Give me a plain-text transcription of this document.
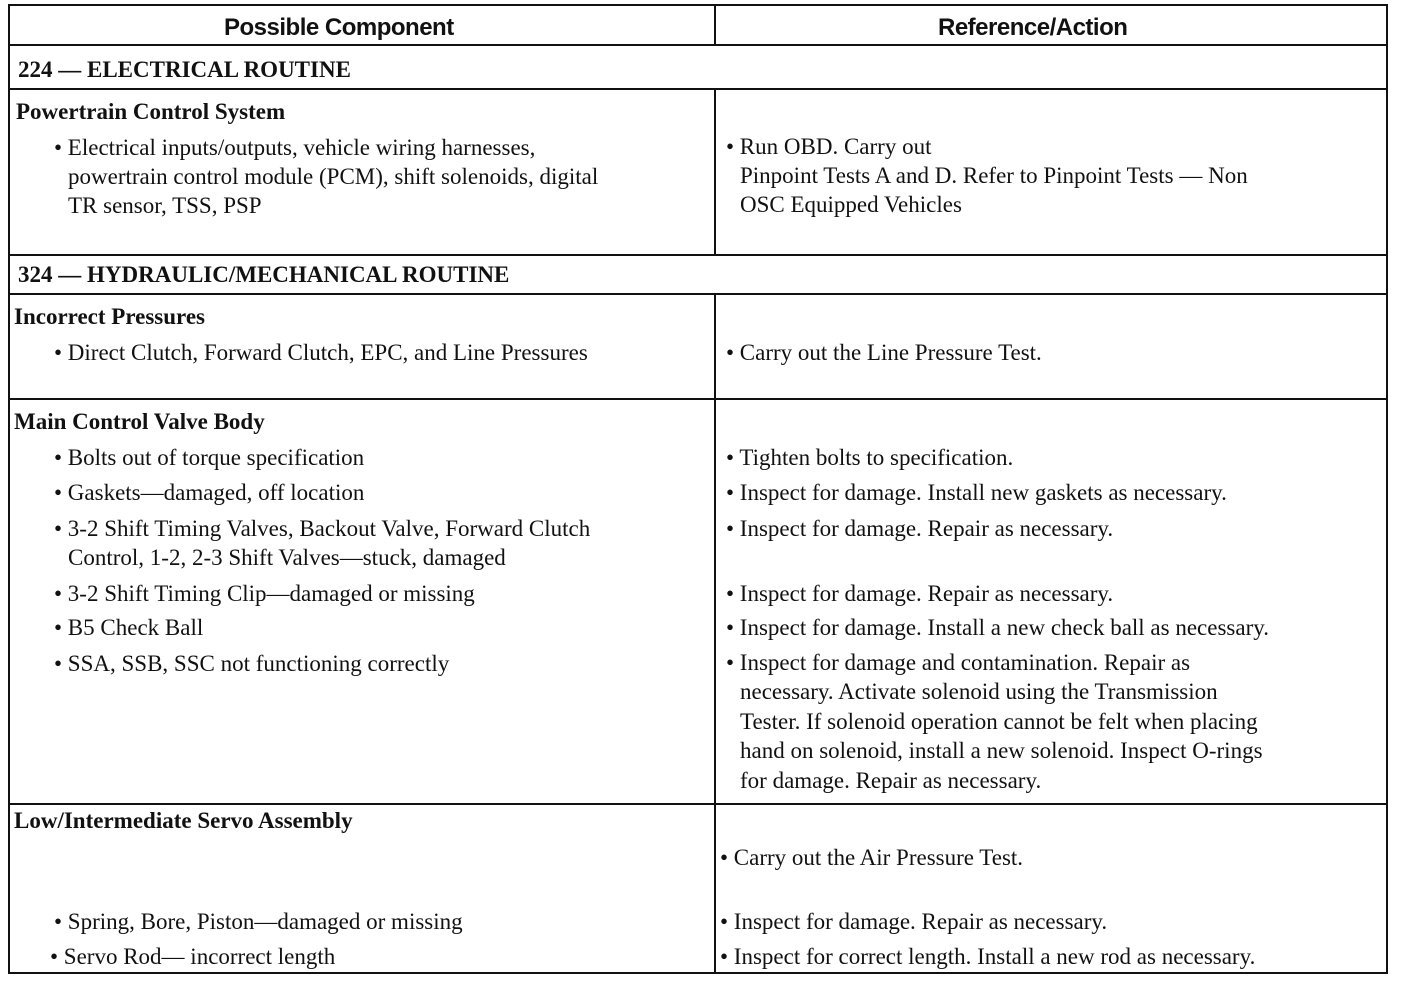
Possible Component	Reference/Action
224 — ELECTRICAL ROUTINE
Powertrain Control System
• Electrical inputs/outputs, vehicle wiring harnesses,
powertrain control module (PCM), shift solenoids, digital
TR sensor, TSS, PSP
• Run OBD. Carry out
Pinpoint Tests A and D. Refer to Pinpoint Tests — Non
OSC Equipped Vehicles
324 — HYDRAULIC/MECHANICAL ROUTINE
Incorrect Pressures
• Direct Clutch, Forward Clutch, EPC, and Line Pressures	• Carry out the Line Pressure Test.
Main Control Valve Body
• Bolts out of torque specification
• Gaskets—damaged, off location
• 3-2 Shift Timing Valves, Backout Valve, Forward Clutch
Control, 1-2, 2-3 Shift Valves—stuck, damaged
• 3-2 Shift Timing Clip—damaged or missing
• B5 Check Ball
• SSA, SSB, SSC not functioning correctly
• Tighten bolts to specification.
• Inspect for damage. Install new gaskets as necessary.
• Inspect for damage. Repair as necessary.
• Inspect for damage. Repair as necessary.
• Inspect for damage. Install a new check ball as necessary.
• Inspect for damage and contamination. Repair as
necessary. Activate solenoid using the Transmission
Tester. If solenoid operation cannot be felt when placing
hand on solenoid, install a new solenoid. Inspect O-rings
for damage. Repair as necessary.
Low/Intermediate Servo Assembly
• Spring, Bore, Piston—damaged or missing
• Servo Rod— incorrect length
• Carry out the Air Pressure Test.
• Inspect for damage. Repair as necessary.
• Inspect for correct length. Install a new rod as necessary.
